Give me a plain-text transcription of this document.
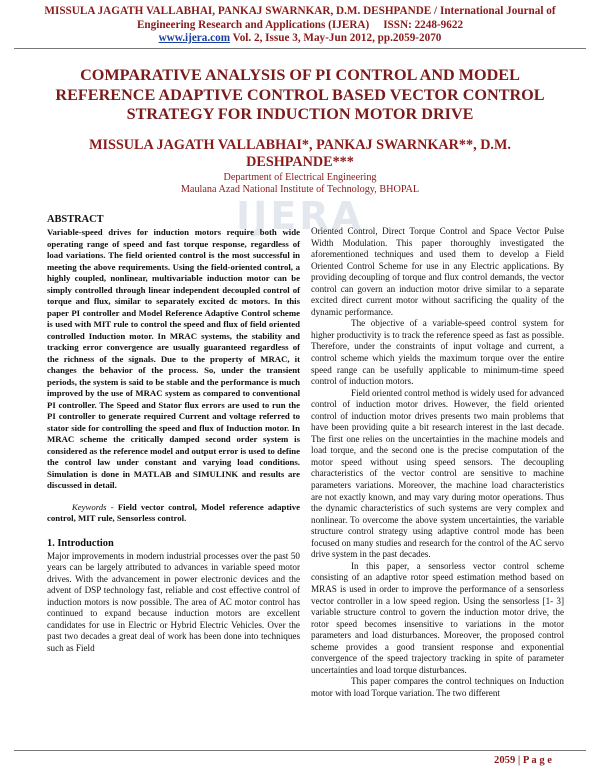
MISSULA JAGATH VALLABHAI, PANKAJ SWARNKAR, D.M. DESHPANDE / International Journal of Engineering Research and Applications (IJERA) ISSN: 2248-9622
www.ijera.com Vol. 2, Issue 3, May-Jun 2012, pp.2059-2070
COMPARATIVE ANALYSIS OF PI CONTROL AND MODEL REFERENCE ADAPTIVE CONTROL BASED VECTOR CONTROL STRATEGY FOR INDUCTION MOTOR DRIVE
MISSULA JAGATH VALLABHAI*, PANKAJ SWARNKAR**, D.M. DESHPANDE***
Department of Electrical Engineering
Maulana Azad National Institute of Technology, BHOPAL
IJERA
ABSTRACT

Variable-speed drives for induction motors require both wide operating range of speed and fast torque response, regardless of load variations. The field oriented control is the most successful in meeting the above requirements. Using the field-oriented control, a highly coupled, nonlinear, multivariable induction motor can be simply controlled through linear independent decoupled control of torque and flux, similar to separately excited dc motors. In this paper PI controller and Model Reference Adaptive Control scheme is used with MIT rule to control the speed and flux of field oriented controlled Induction motor. In MRAC systems, the stability and tracking error convergence are usually guaranteed regardless of the richness of the signals. Due to the property of MRAC, it changes the behavior of the process. So, under the transient periods, the system is said to be stable and the performance is much improved by the use of MRAC system as compared to conventional PI controller. The Speed and Stator flux errors are used to run the PI controller to generate required Current and voltage referred to stator side for controlling the speed and flux of Induction motor. In MRAC scheme the critically damped second order system is considered as the reference model and output error is used to define the control law under constant and varying load conditions. Simulation is done in MATLAB and SIMULINK and results are discussed in detail.

Keywords - Field vector control, Model reference adaptive control, MIT rule, Sensorless control.

1. Introduction

Major improvements in modern industrial processes over the past 50 years can be largely attributed to advances in variable speed motor drives. With the advancement in power electronic devices and the advent of DSP technology fast, reliable and cost effective control of induction motors is now possible. The area of AC motor control has continued to expand because induction motors are excellent candidates for use in Electric or Hybrid Electric Vehicles. Over the past two decades a great deal of work has been done into techniques such as Field

Oriented Control, Direct Torque Control and Space Vector Pulse Width Modulation. This paper thoroughly investigated the aforementioned techniques and used them to develop a Field Oriented Control Scheme for use in any Electric applications. By providing decoupling of torque and flux control demands, the vector control can govern an induction motor drive similar to a separate excited direct current motor without sacrificing the quality of the dynamic performance.

The objective of a variable-speed control system for higher productivity is to track the reference speed as fast as possible. Therefore, under the constraints of input voltage and current, a control scheme which yields the maximum torque over the entire speed range can be usefully applicable to minimum-time speed control of induction motors.

Field oriented control method is widely used for advanced control of induction motor drives. However, the field oriented control of induction motor drives presents two main problems that have been providing quite a bit research interest in the last decade. The first one relies on the uncertainties in the machine models and load torque, and the second one is the precise computation of the motor speed without using speed sensors. The decoupling characteristics of the vector control are sensitive to machine parameters variations. Moreover, the machine load characteristics are not exactly known, and may vary during motor operations. Thus the dynamic characteristics of such systems are very complex and nonlinear. To overcome the above system uncertainties, the variable structure control strategy using adaptive control mode has been focused on many studies and research for the control of the AC servo drive system in the past decades.

In this paper, a sensorless vector control scheme consisting of an adaptive rotor speed estimation method based on MRAS is used in order to improve the performance of a sensorless vector controller in a low speed region. Using the sensorless [1- 3] variable structure control to govern the induction motor drive, the rotor speed becomes insensitive to variations in the motor parameters and load disturbances. Moreover, the proposed control scheme provides a good transient response and exponential convergence of the speed trajectory tracking in spite of parameter uncertainties and load torque disturbances.

This paper compares the control techniques on Induction motor with load Torque variation. The two different

2059 | P a g e
